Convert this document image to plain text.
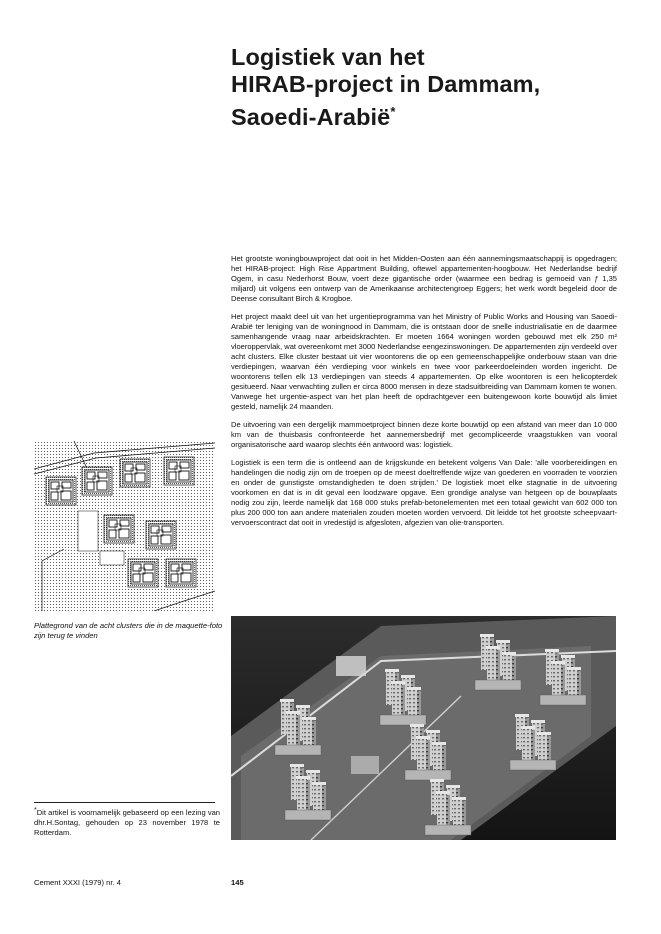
Logistiek van het
HIRAB-project in Dammam,
Saoedi-Arabië*

Het grootste woningbouwproject dat ooit in het Midden-Oosten aan één aannemingsmaatschappij is opgedragen; het HIRAB-project: High Rise Appartment Building, oftewel appartementen-hoogbouw. Het Nederlandse bedrijf Ogem, in casu Nederhorst Bouw, voert deze gigantische order (waarmee een bedrag is gemoeid van ƒ 1,35 miljard) uit volgens een ontwerp van de Amerikaanse architectengroep Eggers; het werk wordt begeleid door de Deense consultant Birch & Krogboe.

Het project maakt deel uit van het urgentieprogramma van het Ministry of Public Works and Housing van Saoedi-Arabië ter leniging van de woningnood in Dammam, die is ontstaan door de snelle industrialisatie en de daarmee samenhangende vraag naar arbeidskrachten. Er moeten 1664 woningen worden gebouwd met elk 250 m² vloeroppervlak, wat overeenkomt met 3000 Nederlandse eengezinswoningen. De appartementen zijn verdeeld over acht clusters. Elke cluster bestaat uit vier woontorens die op een gemeenschappelijke onderbouw staan van drie verdiepingen, waarvan één verdieping voor winkels en twee voor parkeerdoeleinden worden ingericht. De woontorens tellen elk 13 verdiepingen van steeds 4 appartementen. Op elke woontoren is een helicopterdek gesitueerd. Naar verwachting zullen er circa 8000 mensen in deze stadsuitbreiding van Dammam komen te wonen. Vanwege het urgentie-aspect van het plan heeft de opdrachtgever een buitengewoon korte bouwtijd als limiet gesteld, namelijk 24 maanden.

De uitvoering van een dergelijk mammoetproject binnen deze korte bouwtijd op een afstand van meer dan 10 000 km van de thuisbasis confronteerde het aannemersbedrijf met gecompliceerde vraagstukken van vooral organisatorische aard waarop slechts één antwoord was: logistiek.

Logistiek is een term die is ontleend aan de krijgskunde en betekent volgens Van Dale: 'alle voorbereidingen en handelingen die nodig zijn om de troepen op de meest doeltreffende wijze van goederen en voorraden te voorzien en onder de gunstigste omstandigheden te doen strijden.' De logistiek moet elke stagnatie in de uitvoering voorkomen en dat is in dit geval een loodzware opgave. Een grondige analyse van hetgeen op de bouwplaats nodig zou zijn, leerde namelijk dat 168 000 stuks prefab-betonelementen met een totaal gewicht van 602 000 ton plus 200 000 ton aan andere materialen zouden moeten worden vervoerd. Dit leidde tot het grootste scheepvaart-vervoerscontract dat ooit in vredestijd is afgesloten, afgezien van olie-transporten.

Plattegrond van de acht clusters die in de maquette-foto zijn terug te vinden
*Dit artikel is voornamelijk gebaseerd op een lezing van dhr.H.Sontag, gehouden op 23 november 1978 te Rotterdam.
Cement XXXI (1979) nr. 4	145
